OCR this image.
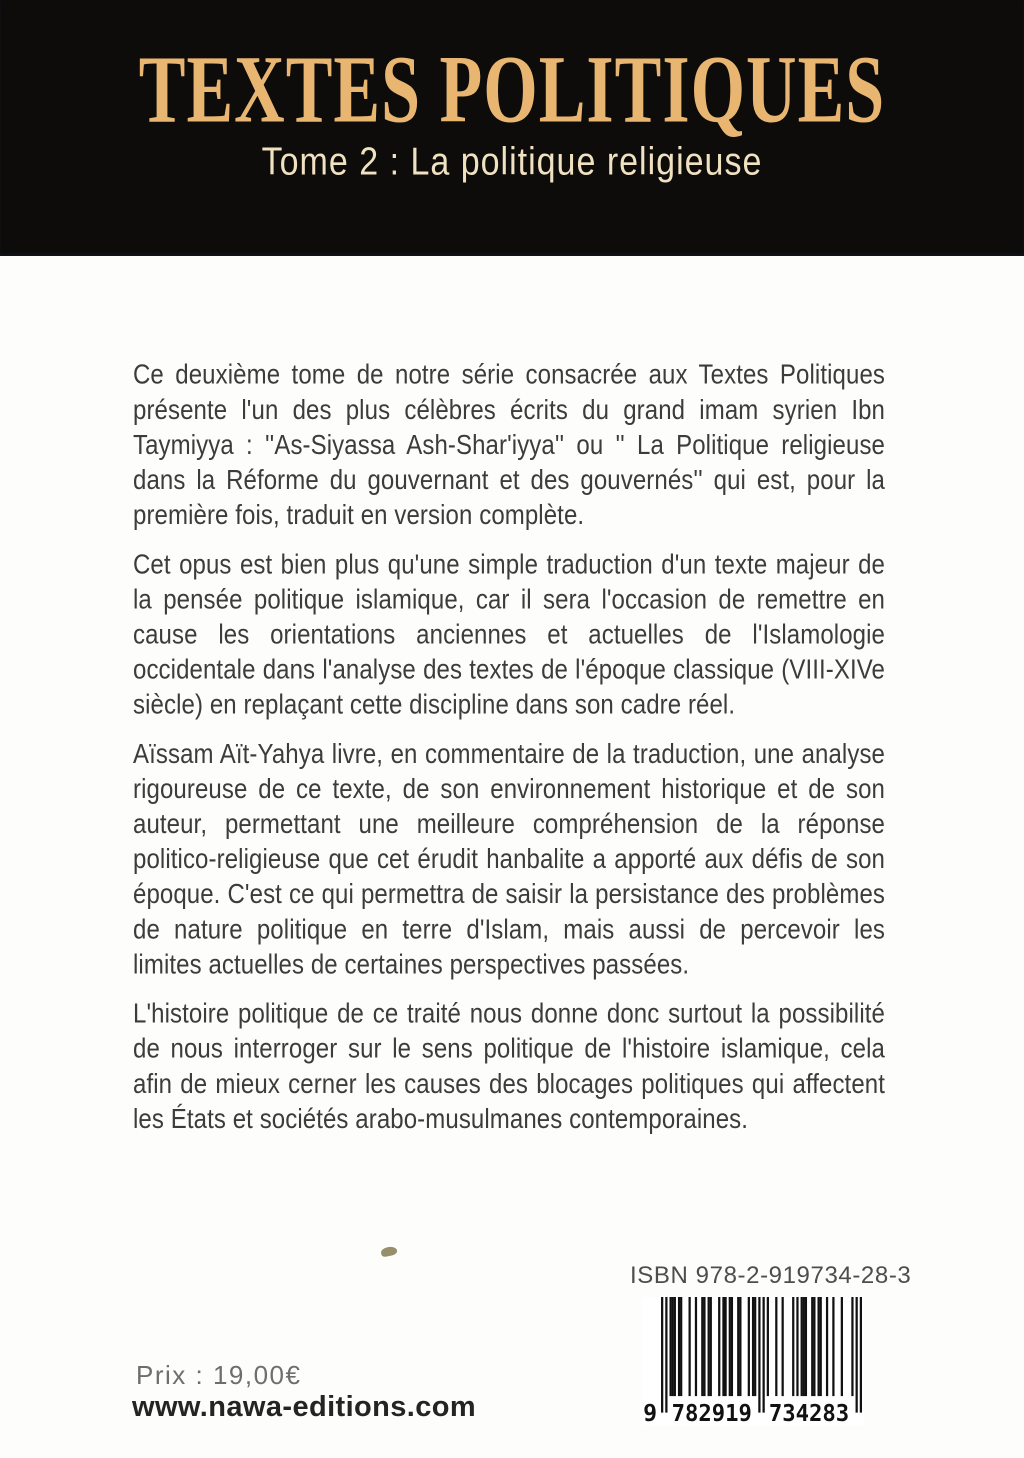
TEXTES POLITIQUES
Tome 2 : La politique religieuse

Ce deuxième tome de notre série consacrée aux Textes Politiques présente l'un des plus célèbres écrits du grand imam syrien Ibn Taymiyya : ''As-Siyassa Ash-Shar'iyya'' ou '' La Politique religieuse dans la Réforme du gouvernant et des gouvernés'' qui est, pour la première fois, traduit en version complète.

Cet opus est bien plus qu'une simple traduction d'un texte majeur de la pensée politique islamique, car il sera l'occasion de remettre en cause les orientations anciennes et actuelles de l'Islamologie occidentale dans l'analyse des textes de l'époque classique (VIII-XIVe siècle) en replaçant cette discipline dans son cadre réel.

Aïssam Aït-Yahya livre, en commentaire de la traduction, une analyse rigoureuse de ce texte, de son environnement historique et de son auteur, permettant une meilleure compréhension de la réponse politico-religieuse que cet érudit hanbalite a apporté aux défis de son époque. C'est ce qui permettra de saisir la persistance des problèmes de nature politique en terre d'Islam, mais aussi de percevoir les limites actuelles de certaines perspectives passées.

L'histoire politique de ce traité nous donne donc surtout la possibilité de nous interroger sur le sens politique de l'histoire islamique, cela afin de mieux cerner les causes des blocages politiques qui affectent les États et sociétés arabo-musulmanes contemporaines.

ISBN 978-2-919734-28-3
9 782919 734283
Prix : 19,00€
www.nawa-editions.com
